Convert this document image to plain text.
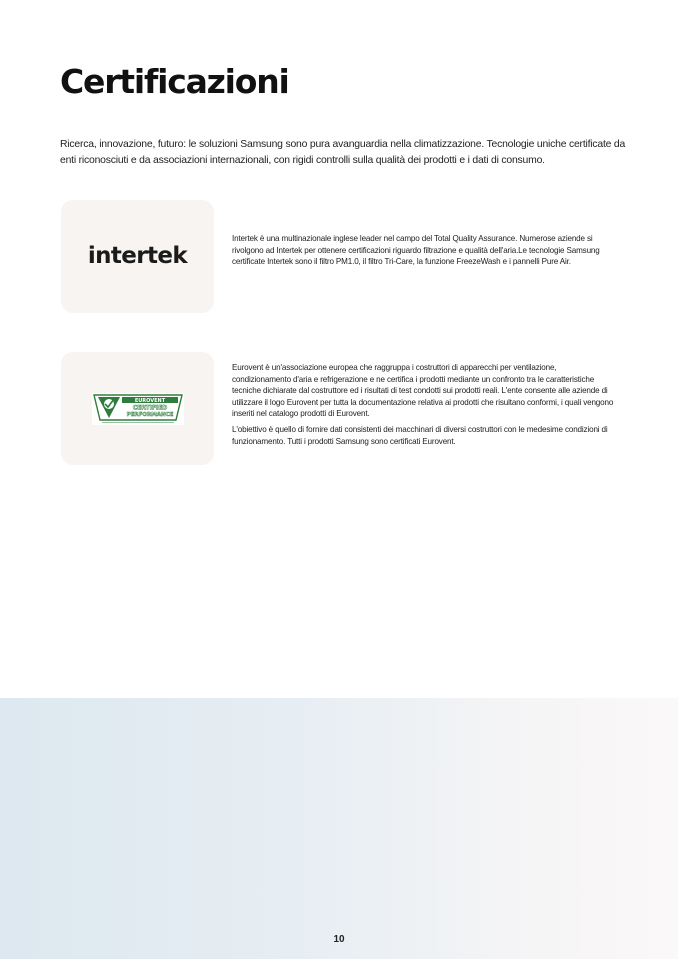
Certificazioni

Ricerca, innovazione, futuro: le soluzioni Samsung sono pura avanguardia nella climatizzazione. Tecnologie uniche certificate da enti riconosciuti e da associazioni internazionali, con rigidi controlli sulla qualità dei prodotti e i dati di consumo.

intertek

Intertek è una multinazionale inglese leader nel campo del Total Quality Assurance. Numerose aziende si rivolgono ad Intertek per ottenere certificazioni riguardo filtrazione e qualità dell'aria.Le tecnologie Samsung certificate Intertek sono il filtro PM1.0, il filtro Tri-Care, la funzione FreezeWash e i pannelli Pure Air.

EUROVENT
CERTIFIED
PERFORMANCE

Eurovent è un'associazione europea che raggruppa i costruttori di apparecchi per ventilazione, condizionamento d'aria e refrigerazione e ne certifica i prodotti mediante un confronto tra le caratteristiche tecniche dichiarate dal costruttore ed i risultati di test condotti sui prodotti reali. L'ente consente alle aziende di utilizzare il logo Eurovent per tutta la documentazione relativa ai prodotti che risultano conformi, i quali vengono inseriti nel catalogo prodotti di Eurovent.

L'obiettivo è quello di fornire dati consistenti dei macchinari di diversi costruttori con le medesime condizioni di funzionamento. Tutti i prodotti Samsung sono certificati Eurovent.

10
